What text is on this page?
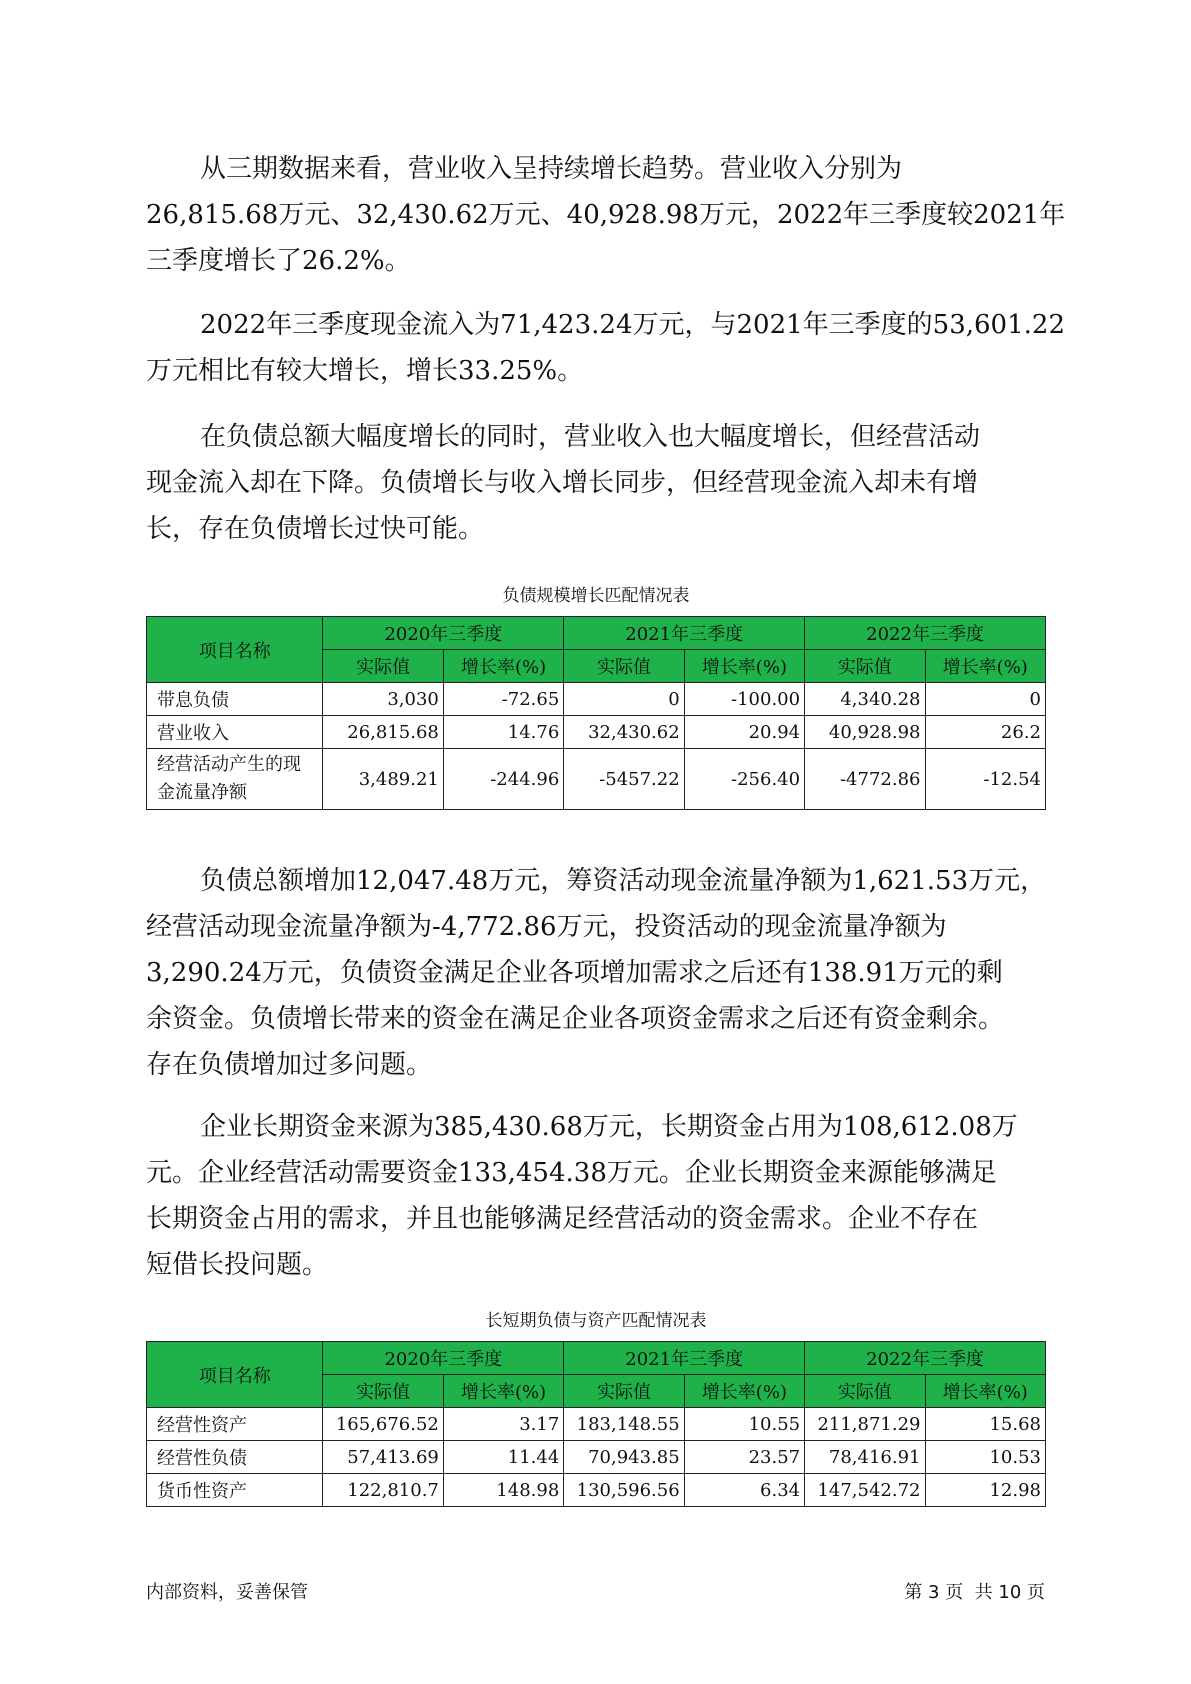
从三期数据来看，营业收入呈持续增长趋势。营业收入分别为
26,815.68万元、32,430.62万元、40,928.98万元，2022年三季度较2021年
三季度增长了26.2%。

2022年三季度现金流入为71,423.24万元，与2021年三季度的53,601.22
万元相比有较大增长，增长33.25%。

在负债总额大幅度增长的同时，营业收入也大幅度增长，但经营活动
现金流入却在下降。负债增长与收入增长同步，但经营现金流入却未有增
长，存在负债增长过快可能。

负债规模增长匹配情况表
项目名称	2020年三季度		2021年三季度		2022年三季度	
	实际值	增长率(%)	实际值	增长率(%)	实际值	增长率(%)
带息负债	3,030	-72.65	0	-100.00	4,340.28	0
营业收入	26,815.68	14.76	32,430.62	20.94	40,928.98	26.2
经营活动产生的现金流量净额	3,489.21	-244.96	-5457.22	-256.40	-4772.86	-12.54

负债总额增加12,047.48万元，筹资活动现金流量净额为1,621.53万元，
经营活动现金流量净额为-4,772.86万元，投资活动的现金流量净额为
3,290.24万元，负债资金满足企业各项增加需求之后还有138.91万元的剩
余资金。负债增长带来的资金在满足企业各项资金需求之后还有资金剩余。
存在负债增加过多问题。

企业长期资金来源为385,430.68万元，长期资金占用为108,612.08万
元。企业经营活动需要资金133,454.38万元。企业长期资金来源能够满足
长期资金占用的需求，并且也能够满足经营活动的资金需求。企业不存在
短借长投问题。

长短期负债与资产匹配情况表
项目名称	2020年三季度		2021年三季度		2022年三季度	
	实际值	增长率(%)	实际值	增长率(%)	实际值	增长率(%)
经营性资产	165,676.52	3.17	183,148.55	10.55	211,871.29	15.68
经营性负债	57,413.69	11.44	70,943.85	23.57	78,416.91	10.53
货币性资产	122,810.7	148.98	130,596.56	6.34	147,542.72	12.98
内部资料，妥善保管	第 3 页  共 10 页
